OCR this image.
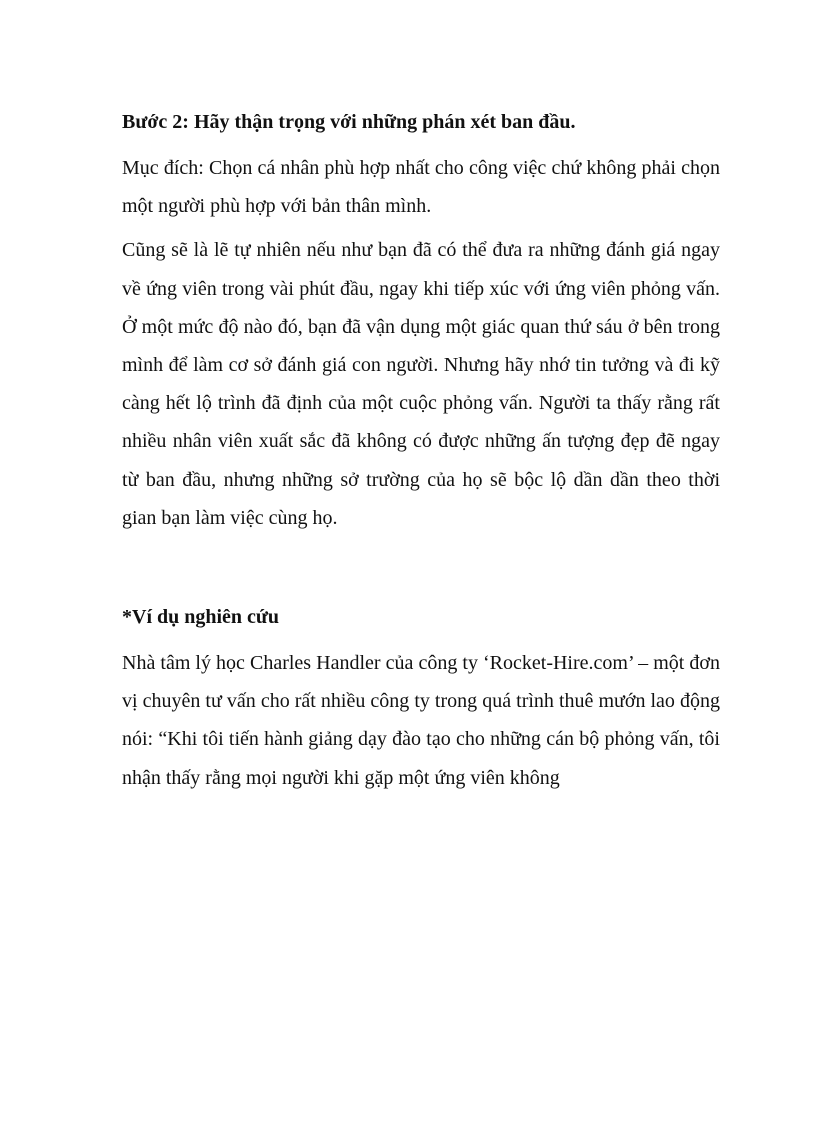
Bước 2: Hãy thận trọng với những phán xét ban đầu.

Mục đích: Chọn cá nhân phù hợp nhất cho công việc chứ không phải chọn một người phù hợp với bản thân mình.

Cũng sẽ là lẽ tự nhiên nếu như bạn đã có thể đưa ra những đánh giá ngay về ứng viên trong vài phút đầu, ngay khi tiếp xúc với ứng viên phỏng vấn. Ở một mức độ nào đó, bạn đã vận dụng một giác quan thứ sáu ở bên trong mình để làm cơ sở đánh giá con người. Nhưng hãy nhớ tin tưởng và đi kỹ càng hết lộ trình đã định của một cuộc phỏng vấn. Người ta thấy rằng rất nhiều nhân viên xuất sắc đã không có được những ấn tượng đẹp đẽ ngay từ ban đầu, nhưng những sở trường của họ sẽ bộc lộ dần dần theo thời gian bạn làm việc cùng họ.

*Ví dụ nghiên cứu

Nhà tâm lý học Charles Handler của công ty ‘Rocket-Hire.com’ – một đơn vị chuyên tư vấn cho rất nhiều công ty trong quá trình thuê mướn lao động nói: “Khi tôi tiến hành giảng dạy đào tạo cho những cán bộ phỏng vấn, tôi nhận thấy rằng mọi người khi gặp một ứng viên không
